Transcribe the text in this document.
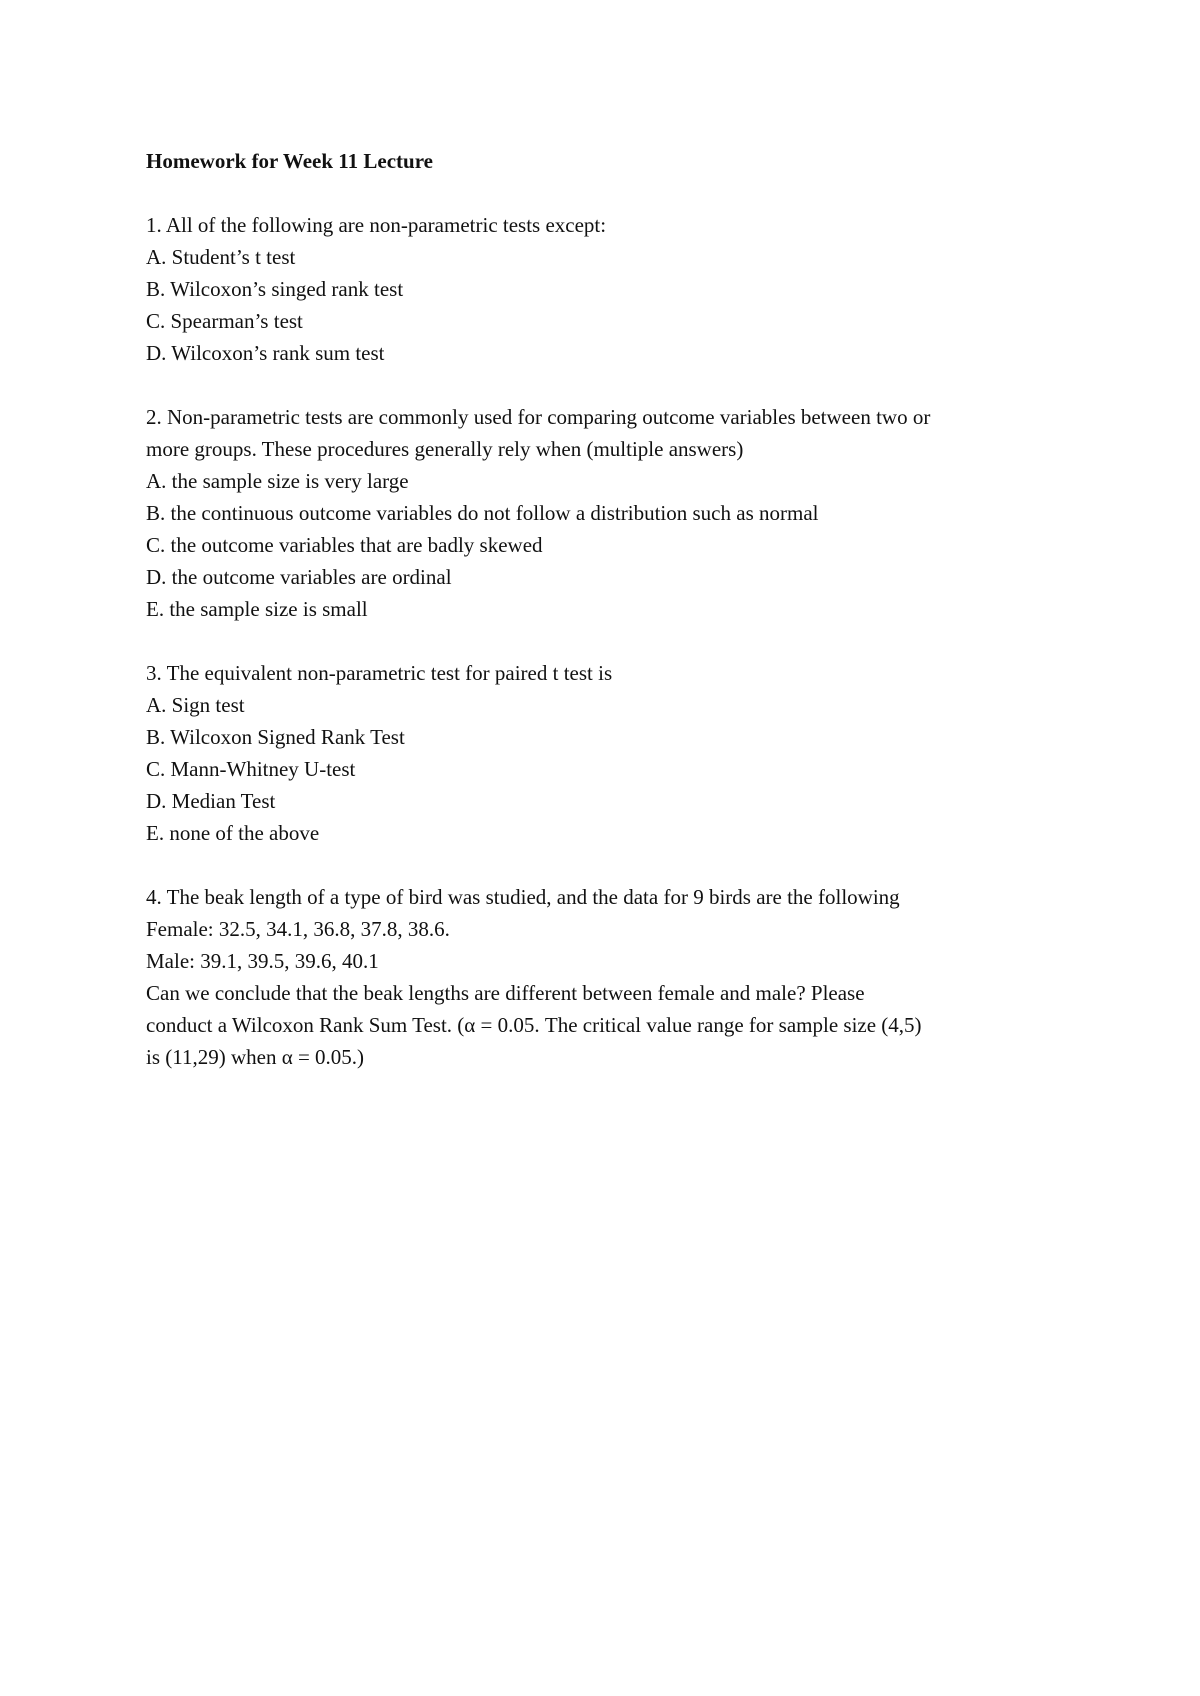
Homework for Week 11 Lecture
1. All of the following are non-parametric tests except:
A. Student’s t test
B. Wilcoxon’s singed rank test
C. Spearman’s test
D. Wilcoxon’s rank sum test
2. Non-parametric tests are commonly used for comparing outcome variables between two or
more groups. These procedures generally rely when (multiple answers)
A. the sample size is very large
B. the continuous outcome variables do not follow a distribution such as normal
C. the outcome variables that are badly skewed
D. the outcome variables are ordinal
E. the sample size is small
3. The equivalent non-parametric test for paired t test is
A. Sign test
B. Wilcoxon Signed Rank Test
C. Mann-Whitney U-test
D. Median Test
E. none of the above
4. The beak length of a type of bird was studied, and the data for 9 birds are the following
Female: 32.5, 34.1, 36.8, 37.8, 38.6.
Male: 39.1, 39.5, 39.6, 40.1
Can we conclude that the beak lengths are different between female and male? Please
conduct a Wilcoxon Rank Sum Test. (α = 0.05. The critical value range for sample size (4,5)
is (11,29) when α = 0.05.)
